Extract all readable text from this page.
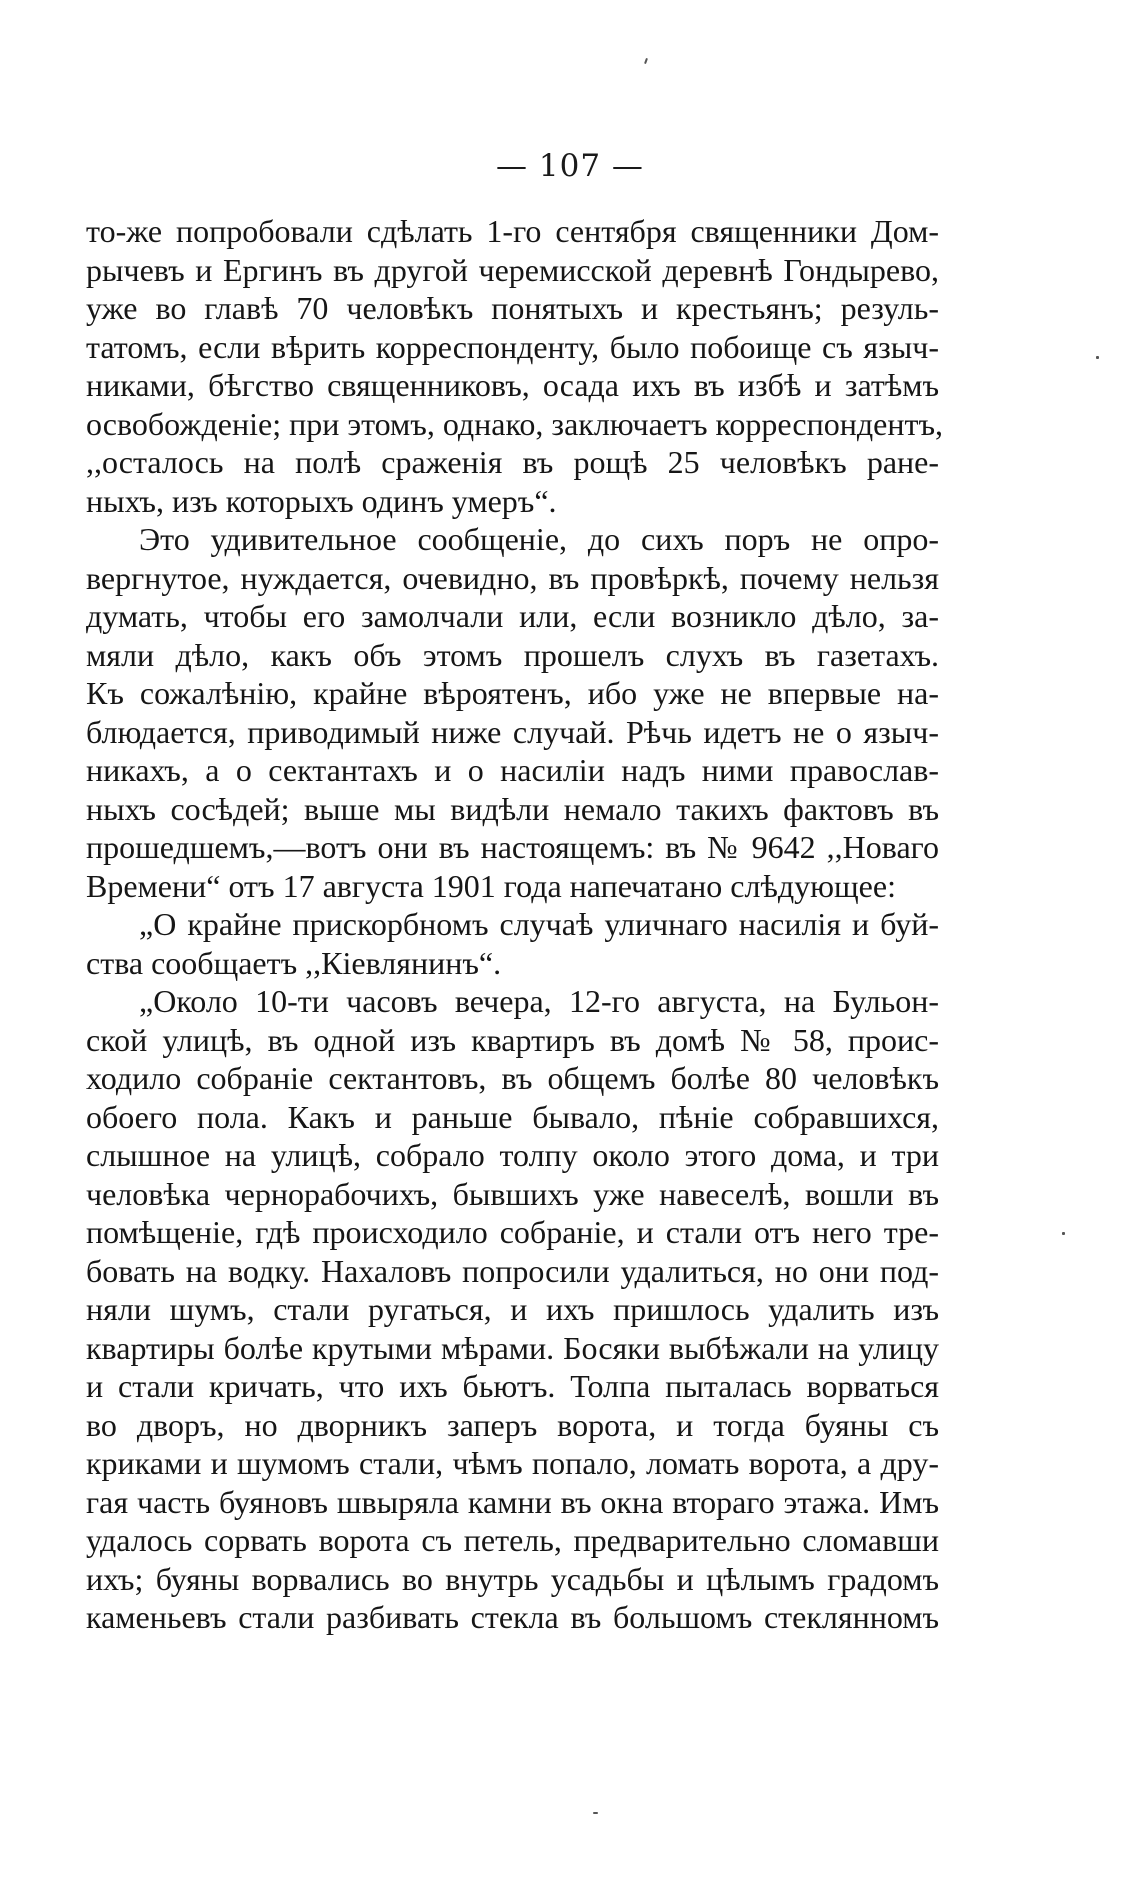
— 107 —
то-же попробовали сдѣлать 1-го сентября священники Дом-
рычевъ и Ергинъ въ другой черемисской деревнѣ Гондырево,
уже во главѣ 70 человѣкъ понятыхъ и крестьянъ; резуль-
татомъ, если вѣрить корреспонденту, было побоище съ языч-
никами, бѣгство священниковъ, осада ихъ въ избѣ и затѣмъ
освобожденіе; при этомъ, однако, заключаетъ корреспондентъ,
,,осталось на полѣ сраженія въ рощѣ 25 человѣкъ ране-
ныхъ, изъ которыхъ одинъ умеръ“.
Это удивительное сообщеніе, до сихъ поръ не опро-
вергнутое, нуждается, очевидно, въ провѣркѣ, почему нельзя
думать, чтобы его замолчали или, если возникло дѣло, за-
мяли дѣло, какъ объ этомъ прошелъ слухъ въ газетахъ.
Къ сожалѣнію, крайне вѣроятенъ, ибо уже не впервые на-
блюдается, приводимый ниже случай. Рѣчь идетъ не о языч-
никахъ, а о сектантахъ и о насиліи надъ ними православ-
ныхъ сосѣдей; выше мы видѣли немало такихъ фактовъ въ
прошедшемъ,—вотъ они въ настоящемъ: въ № 9642 ,,Новаго
Времени“ отъ 17 августа 1901 года напечатано слѣдующее:
„О крайне прискорбномъ случаѣ уличнаго насилія и буй-
ства сообщаетъ ,,Кіевлянинъ“.
„Около 10-ти часовъ вечера, 12-го августа, на Бульон-
ской улицѣ, въ одной изъ квартиръ въ домѣ № 58, проис-
ходило собраніе сектантовъ, въ общемъ болѣе 80 человѣкъ
обоего пола. Какъ и раньше бывало, пѣніе собравшихся,
слышное на улицѣ, собрало толпу около этого дома, и три
человѣка чернорабочихъ, бывшихъ уже навеселѣ, вошли въ
помѣщеніе, гдѣ происходило собраніе, и стали отъ него тре-
бовать на водку. Нахаловъ попросили удалиться, но они под-
няли шумъ, стали ругаться, и ихъ пришлось удалить изъ
квартиры болѣе крутыми мѣрами. Босяки выбѣжали на улицу
и стали кричать, что ихъ бьютъ. Толпа пыталась ворваться
во дворъ, но дворникъ заперъ ворота, и тогда буяны съ
криками и шумомъ стали, чѣмъ попало, ломать ворота, а дру-
гая часть буяновъ швыряла камни въ окна втораго этажа. Имъ
удалось сорвать ворота съ петель, предварительно сломавши
ихъ; буяны ворвались во внутрь усадьбы и цѣлымъ градомъ
каменьевъ стали разбивать стекла въ большомъ стеклянномъ
